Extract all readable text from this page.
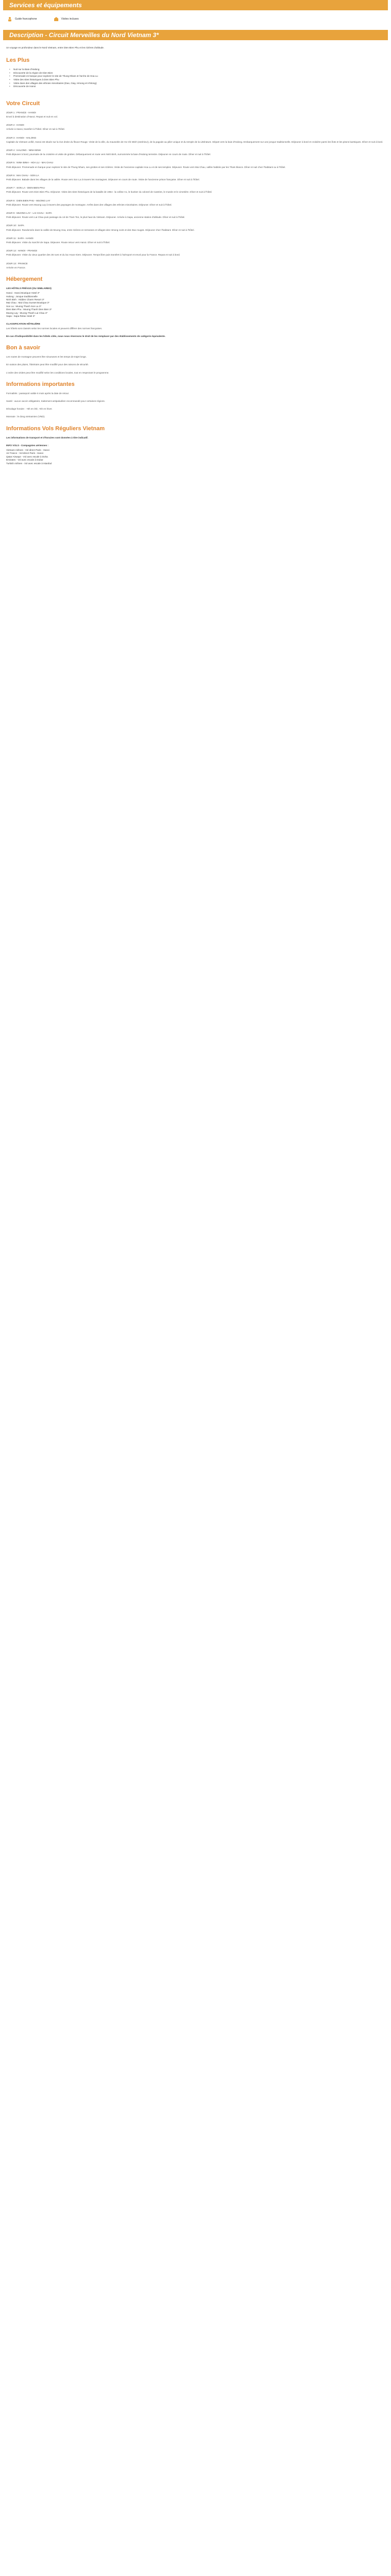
Services et équipements
Guide francophone	Visites incluses
Description - Circuit Merveilles du Nord Vietnam 3*
Un voyage en profondeur dans le Nord Vietnam, entre Dien Bien Phu et les rizières d'altitude.
Les Plus
• Nuit sur la Baie d'Halong
• Découverte de la région de Dien Bien
• Promenade en barque pour explorer le site de Thung Nham et l'arche de Hoa Lu
• Visite des sites historiques à Dien Bien Phu
• Visite dans des villages des ethnies minoritaires (Dao, Giay, Hmong et H'Mong)
• Découverte de Hanoi
Votre Circuit
JOUR 1 : FRANCE - HANOI
Envol à destination d'Hanoi. Repas et nuit en vol.
JOUR 2 : HANOI
Arrivée à Hanoi, transfert à l'hôtel. Dîner et nuit à l'hôtel.
JOUR 3 : HANOI - HALONG
Capitale du Vietnam unifié, Hanoi est située sur la rive droite du fleuve Rouge. Visite de la ville, du mausolée de Ho Chi Minh (extérieur), de la pagode au pilier unique et du temple de la Littérature. Départ vers la baie d'Halong. Embarquement sur une jonque traditionnelle. Déjeuner à bord et croisière parmi les îlots et les pitons karstiques. Dîner et nuit à bord.
JOUR 4 : HALONG - NINH BINH
Petit déjeuner à bord, poursuite de la croisière et visite de grottes. Débarquement et route vers Ninh Binh, surnommée la baie d'Halong terrestre. Déjeuner en cours de route. Dîner et nuit à l'hôtel.
JOUR 5 : NINH BINH - HOA LU - MAI CHAU
Petit déjeuner. Promenade en barque pour explorer le site de Thung Nham, ses grottes et ses rizières. Visite de l'ancienne capitale Hoa Lu et de ses temples. Déjeuner. Route vers Mai Chau, vallée habitée par les Thaïs blancs. Dîner et nuit chez l'habitant ou à l'hôtel.
JOUR 6 : MAI CHAU - SON LA
Petit déjeuner. Balade dans les villages de la vallée. Route vers Son La à travers les montagnes. Déjeuner en cours de route. Visite de l'ancienne prison française. Dîner et nuit à l'hôtel.
JOUR 7 : SON LA - DIEN BIEN PHU
Petit déjeuner. Route vers Dien Bien Phu. Déjeuner. Visite des sites historiques de la bataille de 1954 : la colline A1, le bunker du colonel de Castries, le musée et le cimetière. Dîner et nuit à l'hôtel.
JOUR 8 : DIEN BIEN PHU - MUONG LAY
Petit déjeuner. Route vers Muong Lay à travers des paysages de montagne. Arrêts dans des villages des ethnies minoritaires. Déjeuner. Dîner et nuit à l'hôtel.
JOUR 9 : MUONG LAY - LAI CHAU - SAPA
Petit déjeuner. Route vers Lai Chau puis passage du col de Tram Ton, le plus haut du Vietnam. Déjeuner. Arrivée à Sapa, ancienne station d'altitude. Dîner et nuit à l'hôtel.
JOUR 10 : SAPA
Petit déjeuner. Randonnée dans la vallée de Muong Hoa, entre rizières en terrasses et villages des Hmong noirs et des Dao rouges. Déjeuner chez l'habitant. Dîner et nuit à l'hôtel.
JOUR 11 : SAPA - HANOI
Petit déjeuner. Visite du marché de Sapa. Déjeuner. Route retour vers Hanoi. Dîner et nuit à l'hôtel.
JOUR 12 : HANOI - FRANCE
Petit déjeuner. Visite du vieux quartier des 36 rues et du lac Hoan Kiem. Déjeuner. Temps libre puis transfert à l'aéroport et envol pour la France. Repas et nuit à bord.
JOUR 13 : FRANCE
Arrivée en France.
Hébergement
LES HÔTELS PRÉVUS (OU SIMILAIRES)
Hanoi : Hanoi Boutique Hotel 3*
Halong : Jonque traditionnelle
Ninh Binh : Hidden Charm Resort 3*
Mai Chau : Mai Chau Sunset Boutique 3*
Son La : Muong Thanh Son La 3*
Dien Bien Phu : Muong Thanh Dien Bien 3*
Muong Lay : Muong Thanh Lai Chau 3*
Sapa : Sapa Relax Hotel 3*
CLASSIFICATION HÔTELIÈRE
Les hôtels sont classés selon les normes locales et peuvent différer des normes françaises.
En cas d'indisponibilité dans les hôtels cités, nous nous réservons le droit de les remplacer par des établissements de catégorie équivalente.
Bon à savoir
Les routes de montagne peuvent être sinueuses et les temps de trajet longs.
En saison des pluies, l'itinéraire peut être modifié pour des raisons de sécurité.
L'ordre des visites peut être modifié selon les conditions locales, tout en respectant le programme.
Informations importantes
Formalités : passeport valide 6 mois après la date de retour.
Santé : aucun vaccin obligatoire, traitement antipaludéen recommandé pour certaines régions.
Décalage horaire : +6h en été, +5h en hiver.
Monnaie : le dong vietnamien (VND).
Informations Vols Réguliers Vietnam
Les informations de transport et d'horaires sont données à titre indicatif.
INFO VOLS - Compagnies aériennes :
Vietnam Airlines - Vol direct Paris - Hanoi
Air France - Vol direct Paris - Hanoi
Qatar Airways - Vol avec escale à Doha
Emirates - Vol avec escale à Dubaï
Turkish Airlines - Vol avec escale à Istanbul
